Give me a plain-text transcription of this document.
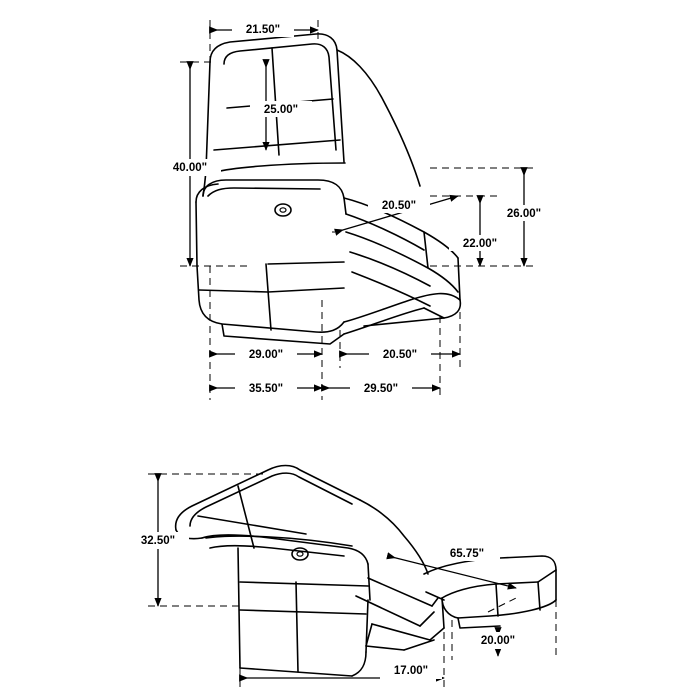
21.50"
25.00"
40.00"
20.50"
22.00"
26.00"
29.00"	20.50"
35.50"	29.50"
32.50"
65.75"
20.00"
17.00"
